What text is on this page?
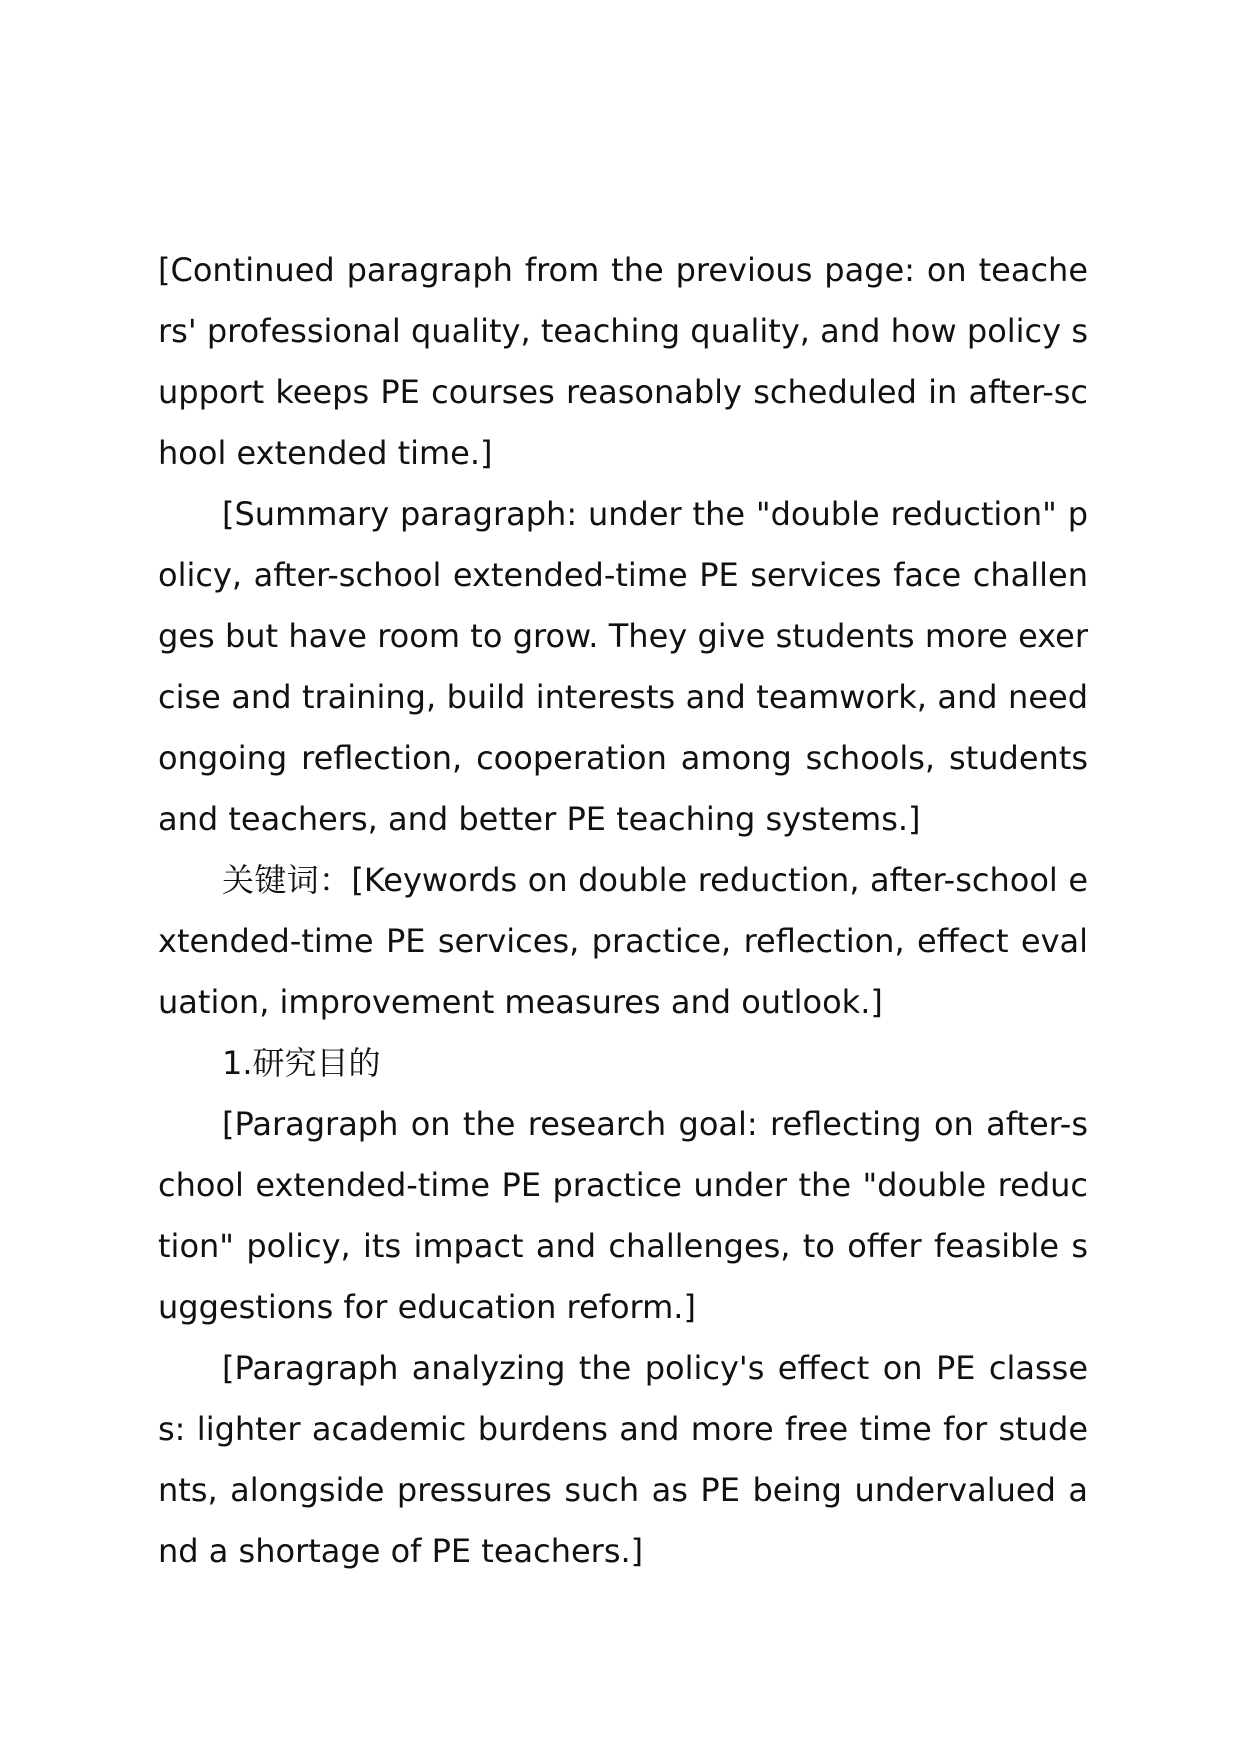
[Continued paragraph from the previous page: on teachers' professional quality, teaching quality, and how policy support keeps PE courses reasonably scheduled in after-school extended time.]

[Summary paragraph: under the "double reduction" policy, after-school extended-time PE services face challenges but have room to grow. They give students more exercise and training, build interests and teamwork, and need ongoing reflection, cooperation among schools, students and teachers, and better PE teaching systems.]

关键词：[Keywords on double reduction, after-school extended-time PE services, practice, reflection, effect evaluation, improvement measures and outlook.]

1.研究目的

[Paragraph on the research goal: reflecting on after-school extended-time PE practice under the "double reduction" policy, its impact and challenges, to offer feasible suggestions for education reform.]

[Paragraph analyzing the policy's effect on PE classes: lighter academic burdens and more free time for students, alongside pressures such as PE being undervalued and a shortage of PE teachers.]
